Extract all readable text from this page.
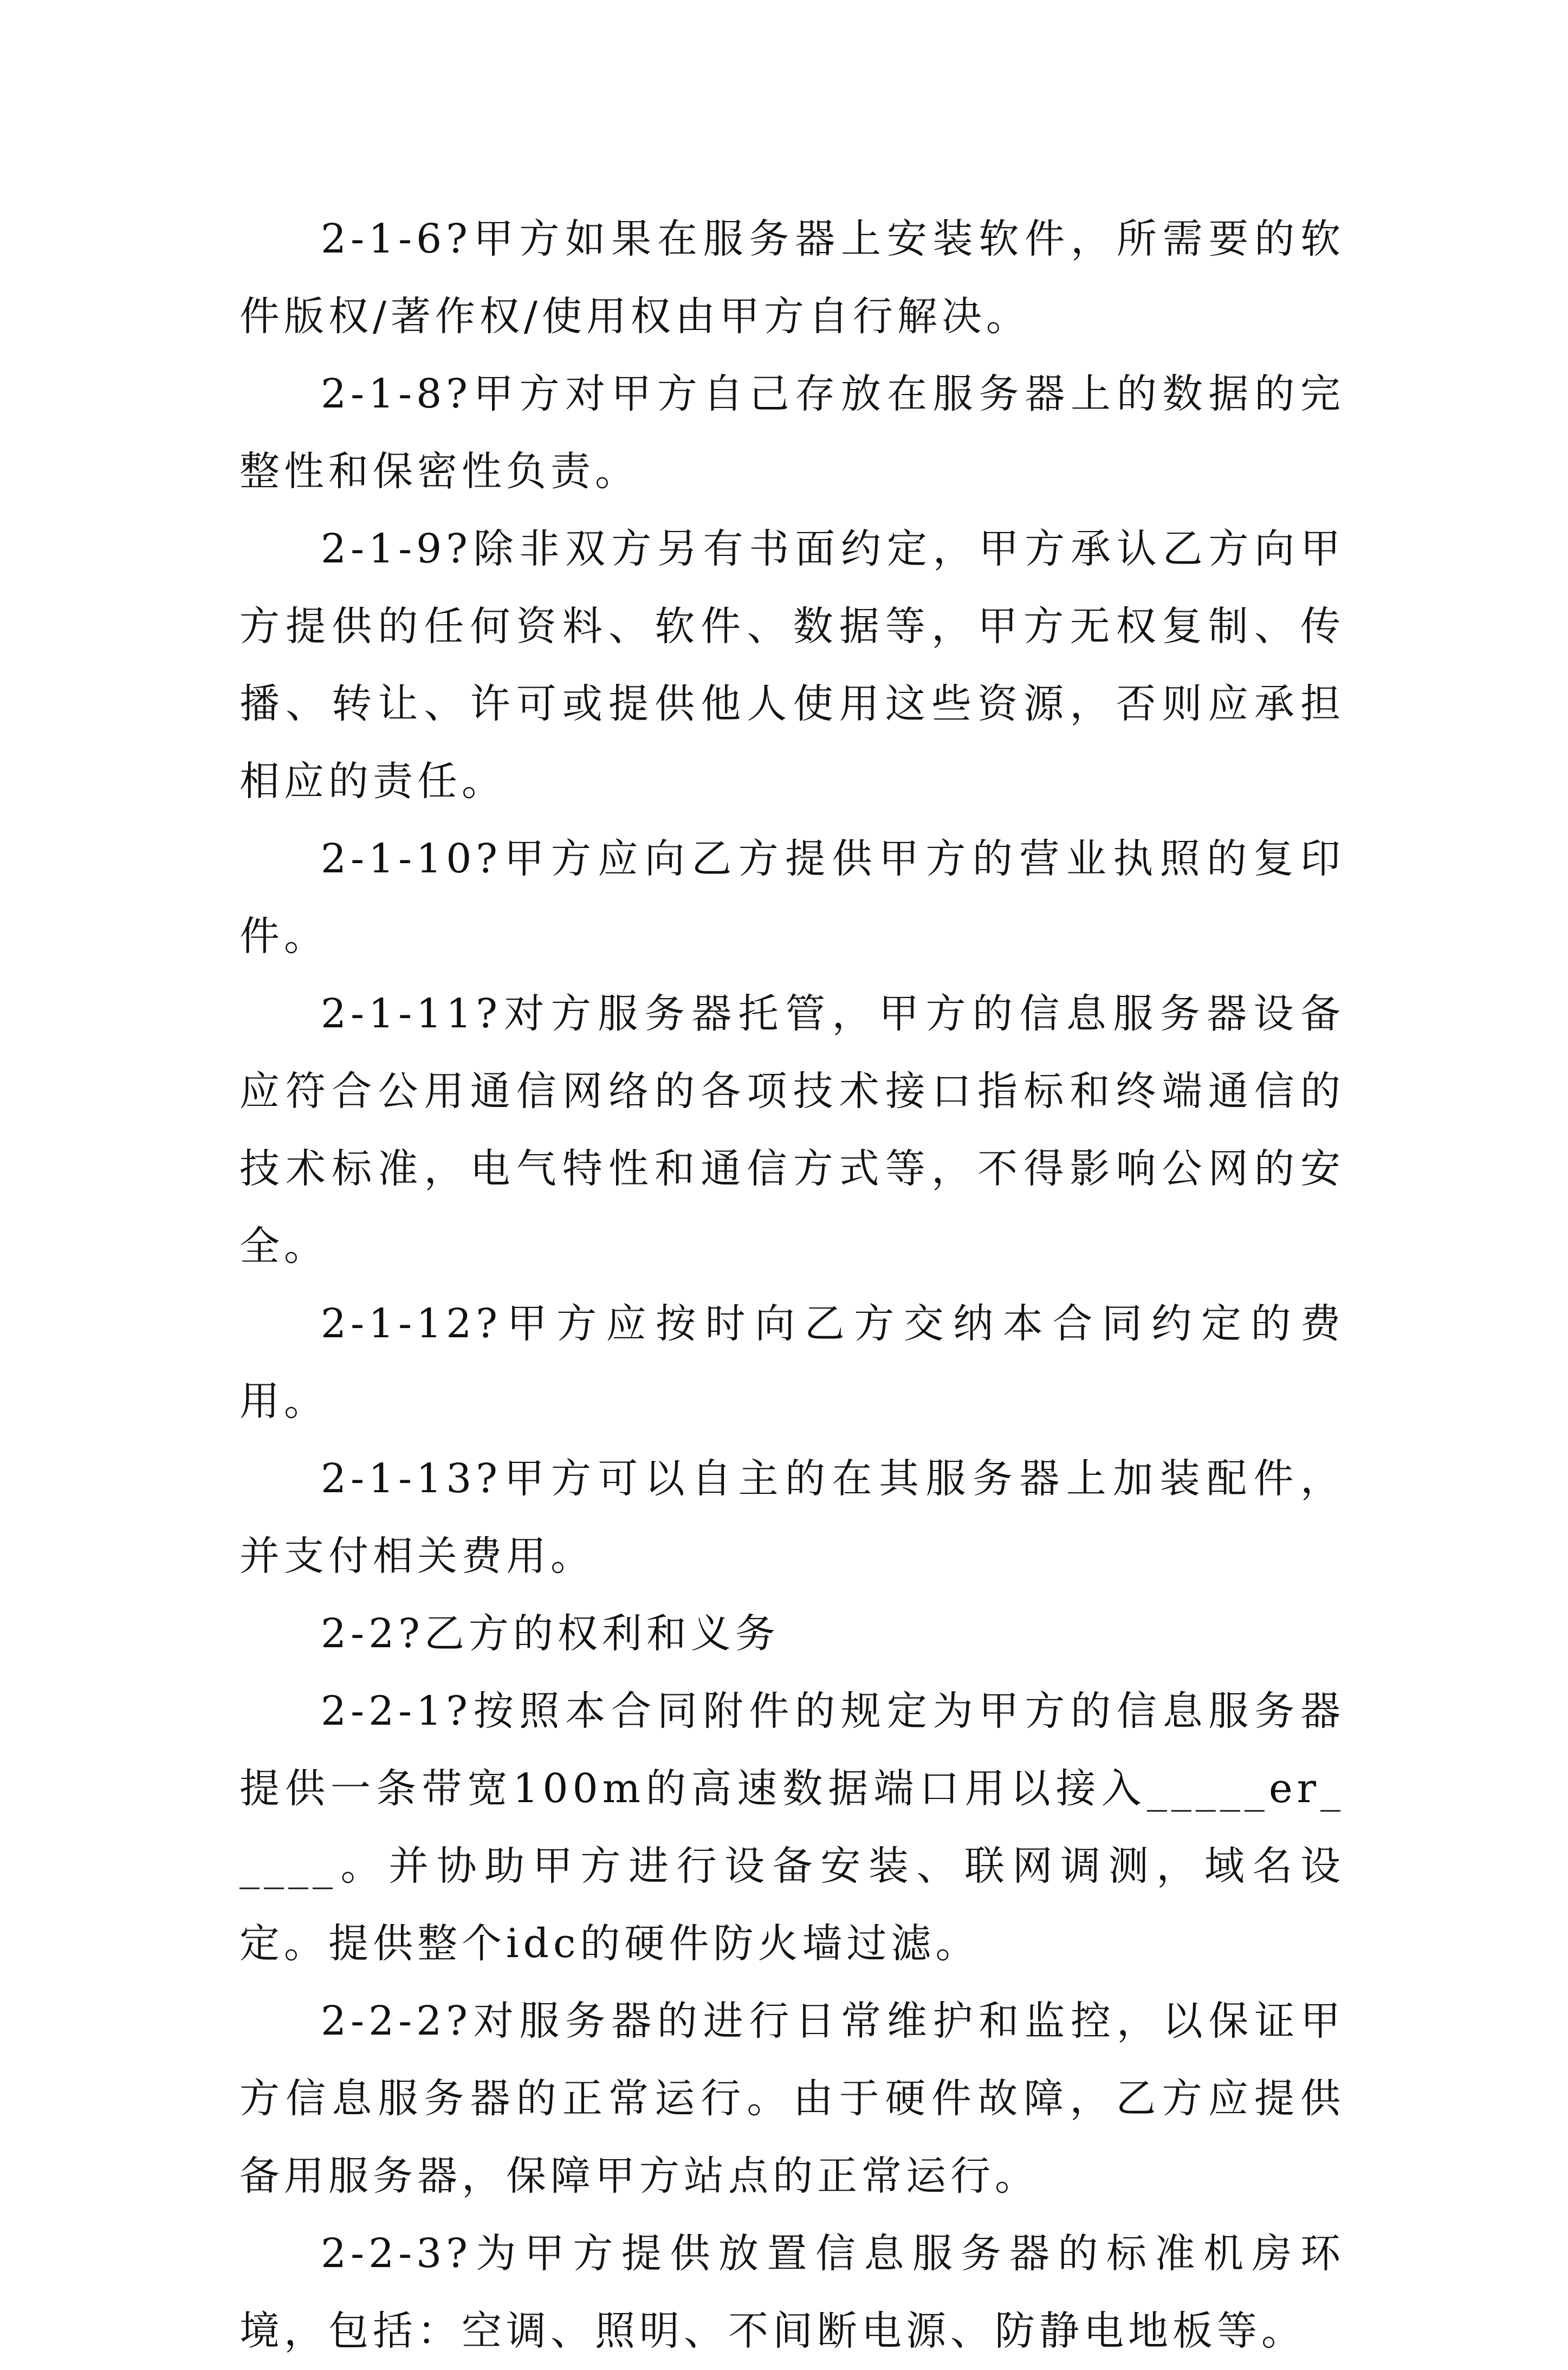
2-1-6?甲方如果在服务器上安装软件，所需要的软件版权/著作权/使用权由甲方自行解决。

2-1-8?甲方对甲方自己存放在服务器上的数据的完整性和保密性负责。

2-1-9?除非双方另有书面约定，甲方承认乙方向甲方提供的任何资料、软件、数据等，甲方无权复制、传播、转让、许可或提供他人使用这些资源，否则应承担相应的责任。

2-1-10?甲方应向乙方提供甲方的营业执照的复印件。

2-1-11?对方服务器托管，甲方的信息服务器设备应符合公用通信网络的各项技术接口指标和终端通信的技术标准，电气特性和通信方式等，不得影响公网的安全。

2-1-12?甲方应按时向乙方交纳本合同约定的费用。

2-1-13?甲方可以自主的在其服务器上加装配件，并支付相关费用。

2-2?乙方的权利和义务

2-2-1?按照本合同附件的规定为甲方的信息服务器提供一条带宽100m的高速数据端口用以接入_____er_____。并协助甲方进行设备安装、联网调测，域名设定。提供整个idc的硬件防火墙过滤。

2-2-2?对服务器的进行日常维护和监控，以保证甲方信息服务器的正常运行。由于硬件故障，乙方应提供备用服务器，保障甲方站点的正常运行。

2-2-3?为甲方提供放置信息服务器的标准机房环境，包括：空调、照明、不间断电源、防静电地板等。
